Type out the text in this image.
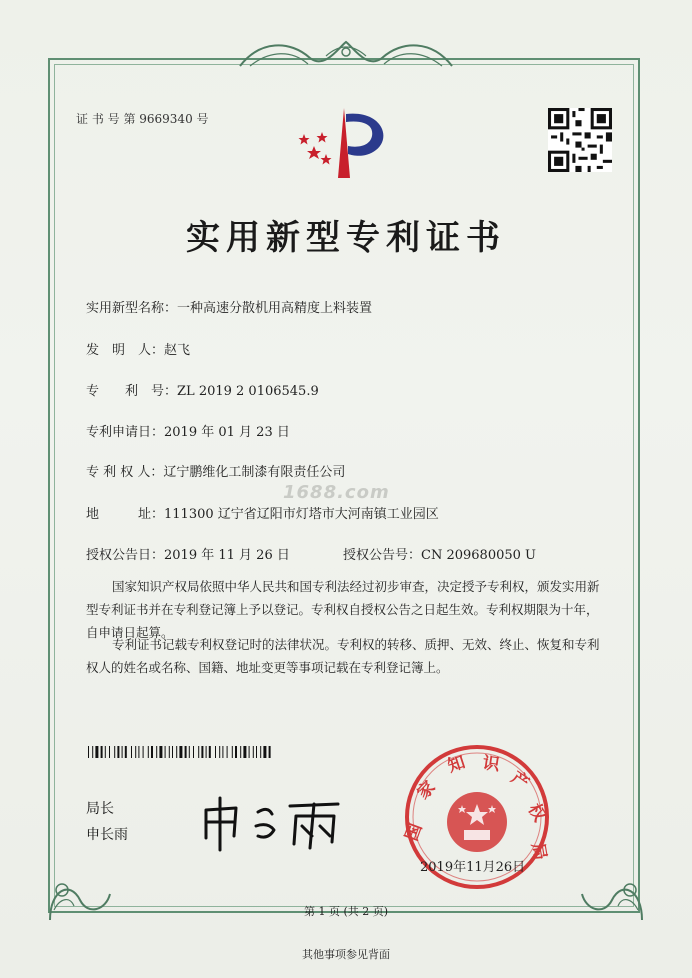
证 书 号 第 9669340 号
实用新型专利证书
实用新型名称：一种高速分散机用高精度上料装置
发　明　人：赵飞
专　　利　号：ZL 2019 2 0106545.9
专利申请日：2019 年 01 月 23 日
专 利 权 人：辽宁鹏维化工制漆有限责任公司
1688.com
地　　　址：111300 辽宁省辽阳市灯塔市大河南镇工业园区
授权公告日：2019 年 11 月 26 日	授权公告号：CN 209680050 U
国家知识产权局依照中华人民共和国专利法经过初步审查，决定授予专利权，颁发实用新型专利证书并在专利登记簿上予以登记。专利权自授权公告之日起生效。专利权期限为十年，自申请日起算。
专利证书记载专利权登记时的法律状况。专利权的转移、质押、无效、终止、恢复和专利权人的姓名或名称、国籍、地址变更等事项记载在专利登记簿上。
局长
申长雨	国
家
知 识
产
权
局
2019年11月26日
第 1 页 (共 2 页)
其他事项参见背面
